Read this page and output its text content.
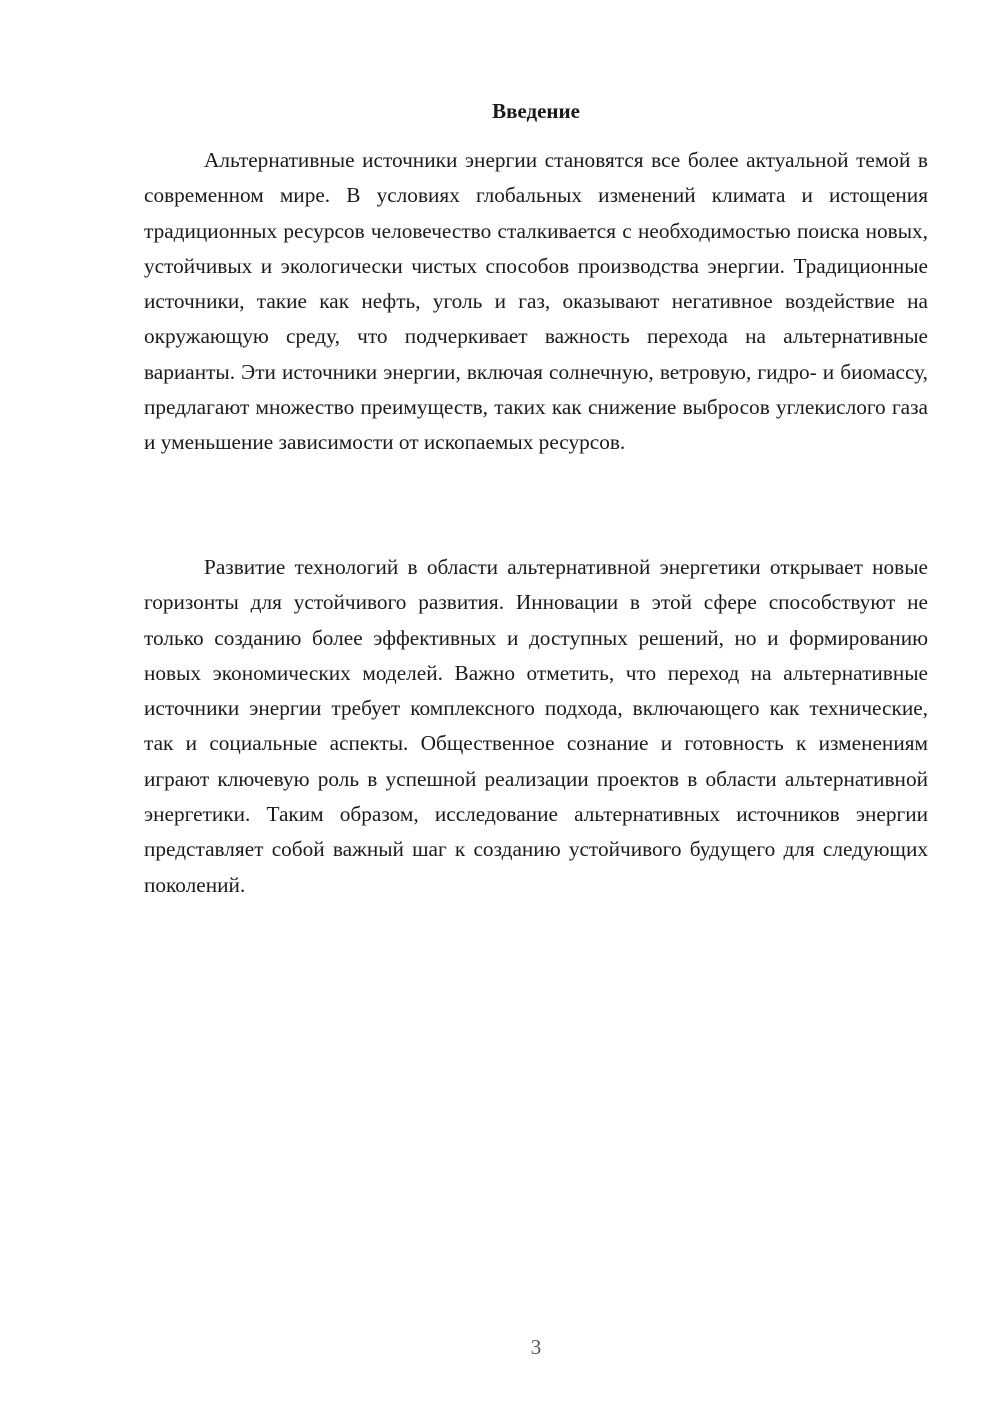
Введение

Альтернативные источники энергии становятся все более актуальной темой в современном мире. В условиях глобальных изменений климата и истощения традиционных ресурсов человечество сталкивается с необходимостью поиска новых, устойчивых и экологически чистых способов производства энергии. Традиционные источники, такие как нефть, уголь и газ, оказывают негативное воздействие на окружающую среду, что подчеркивает важность перехода на альтернативные варианты. Эти источники энергии, включая солнечную, ветровую, гидро- и биомассу, предлагают множество преимуществ, таких как снижение выбросов углекислого газа и уменьшение зависимости от ископаемых ресурсов.

Развитие технологий в области альтернативной энергетики открывает новые горизонты для устойчивого развития. Инновации в этой сфере способствуют не только созданию более эффективных и доступных решений, но и формированию новых экономических моделей. Важно отметить, что переход на альтернативные источники энергии требует комплексного подхода, включающего как технические, так и социальные аспекты. Общественное сознание и готовность к изменениям играют ключевую роль в успешной реализации проектов в области альтернативной энергетики. Таким образом, исследование альтернативных источников энергии представляет собой важный шаг к созданию устойчивого будущего для следующих поколений.

3
